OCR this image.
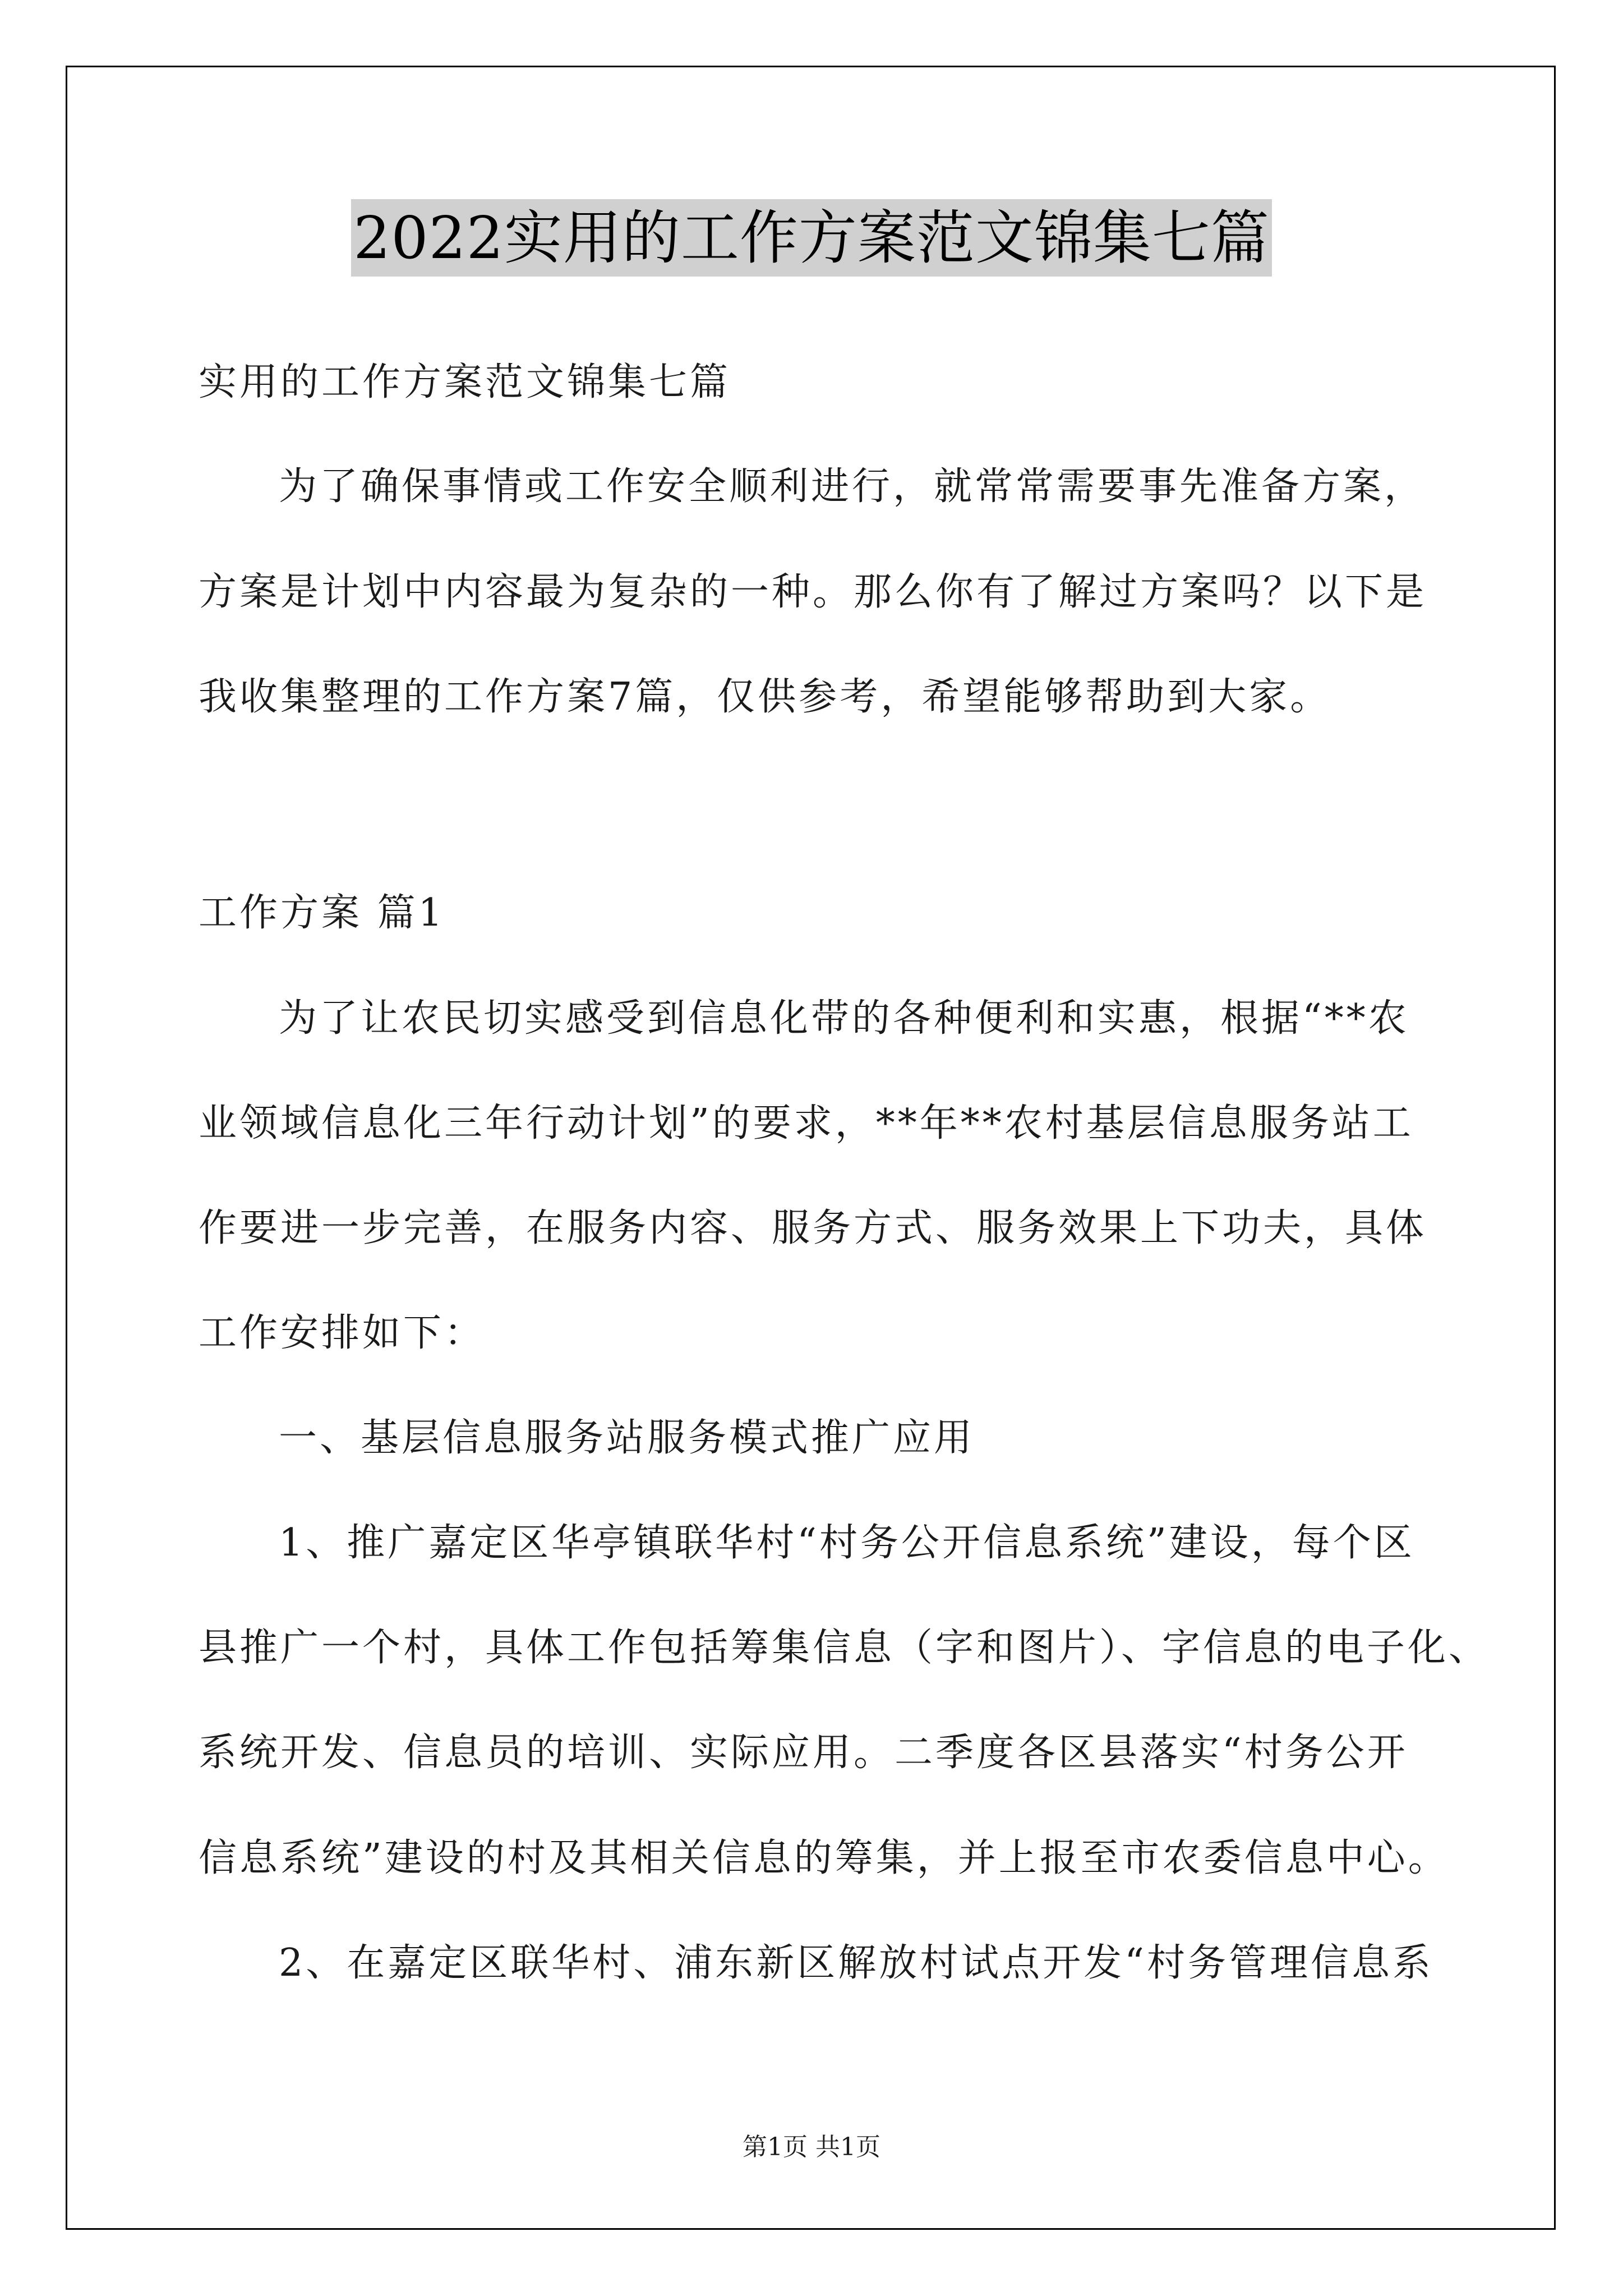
2022实用的工作方案范文锦集七篇
实用的工作方案范文锦集七篇
为了确保事情或工作安全顺利进行，就常常需要事先准备方案，
方案是计划中内容最为复杂的一种。那么你有了解过方案吗？以下是
我收集整理的工作方案7篇，仅供参考，希望能够帮助到大家。
工作方案 篇1
为了让农民切实感受到信息化带的各种便利和实惠，根据“**农
业领域信息化三年行动计划”的要求，**年**农村基层信息服务站工
作要进一步完善，在服务内容、服务方式、服务效果上下功夫，具体
工作安排如下：
一、基层信息服务站服务模式推广应用
1、推广嘉定区华亭镇联华村“村务公开信息系统”建设，每个区
县推广一个村，具体工作包括筹集信息（字和图片）、字信息的电子化、
系统开发、信息员的培训、实际应用。二季度各区县落实“村务公开
信息系统”建设的村及其相关信息的筹集，并上报至市农委信息中心。
2、在嘉定区联华村、浦东新区解放村试点开发“村务管理信息系
第1页 共1页
